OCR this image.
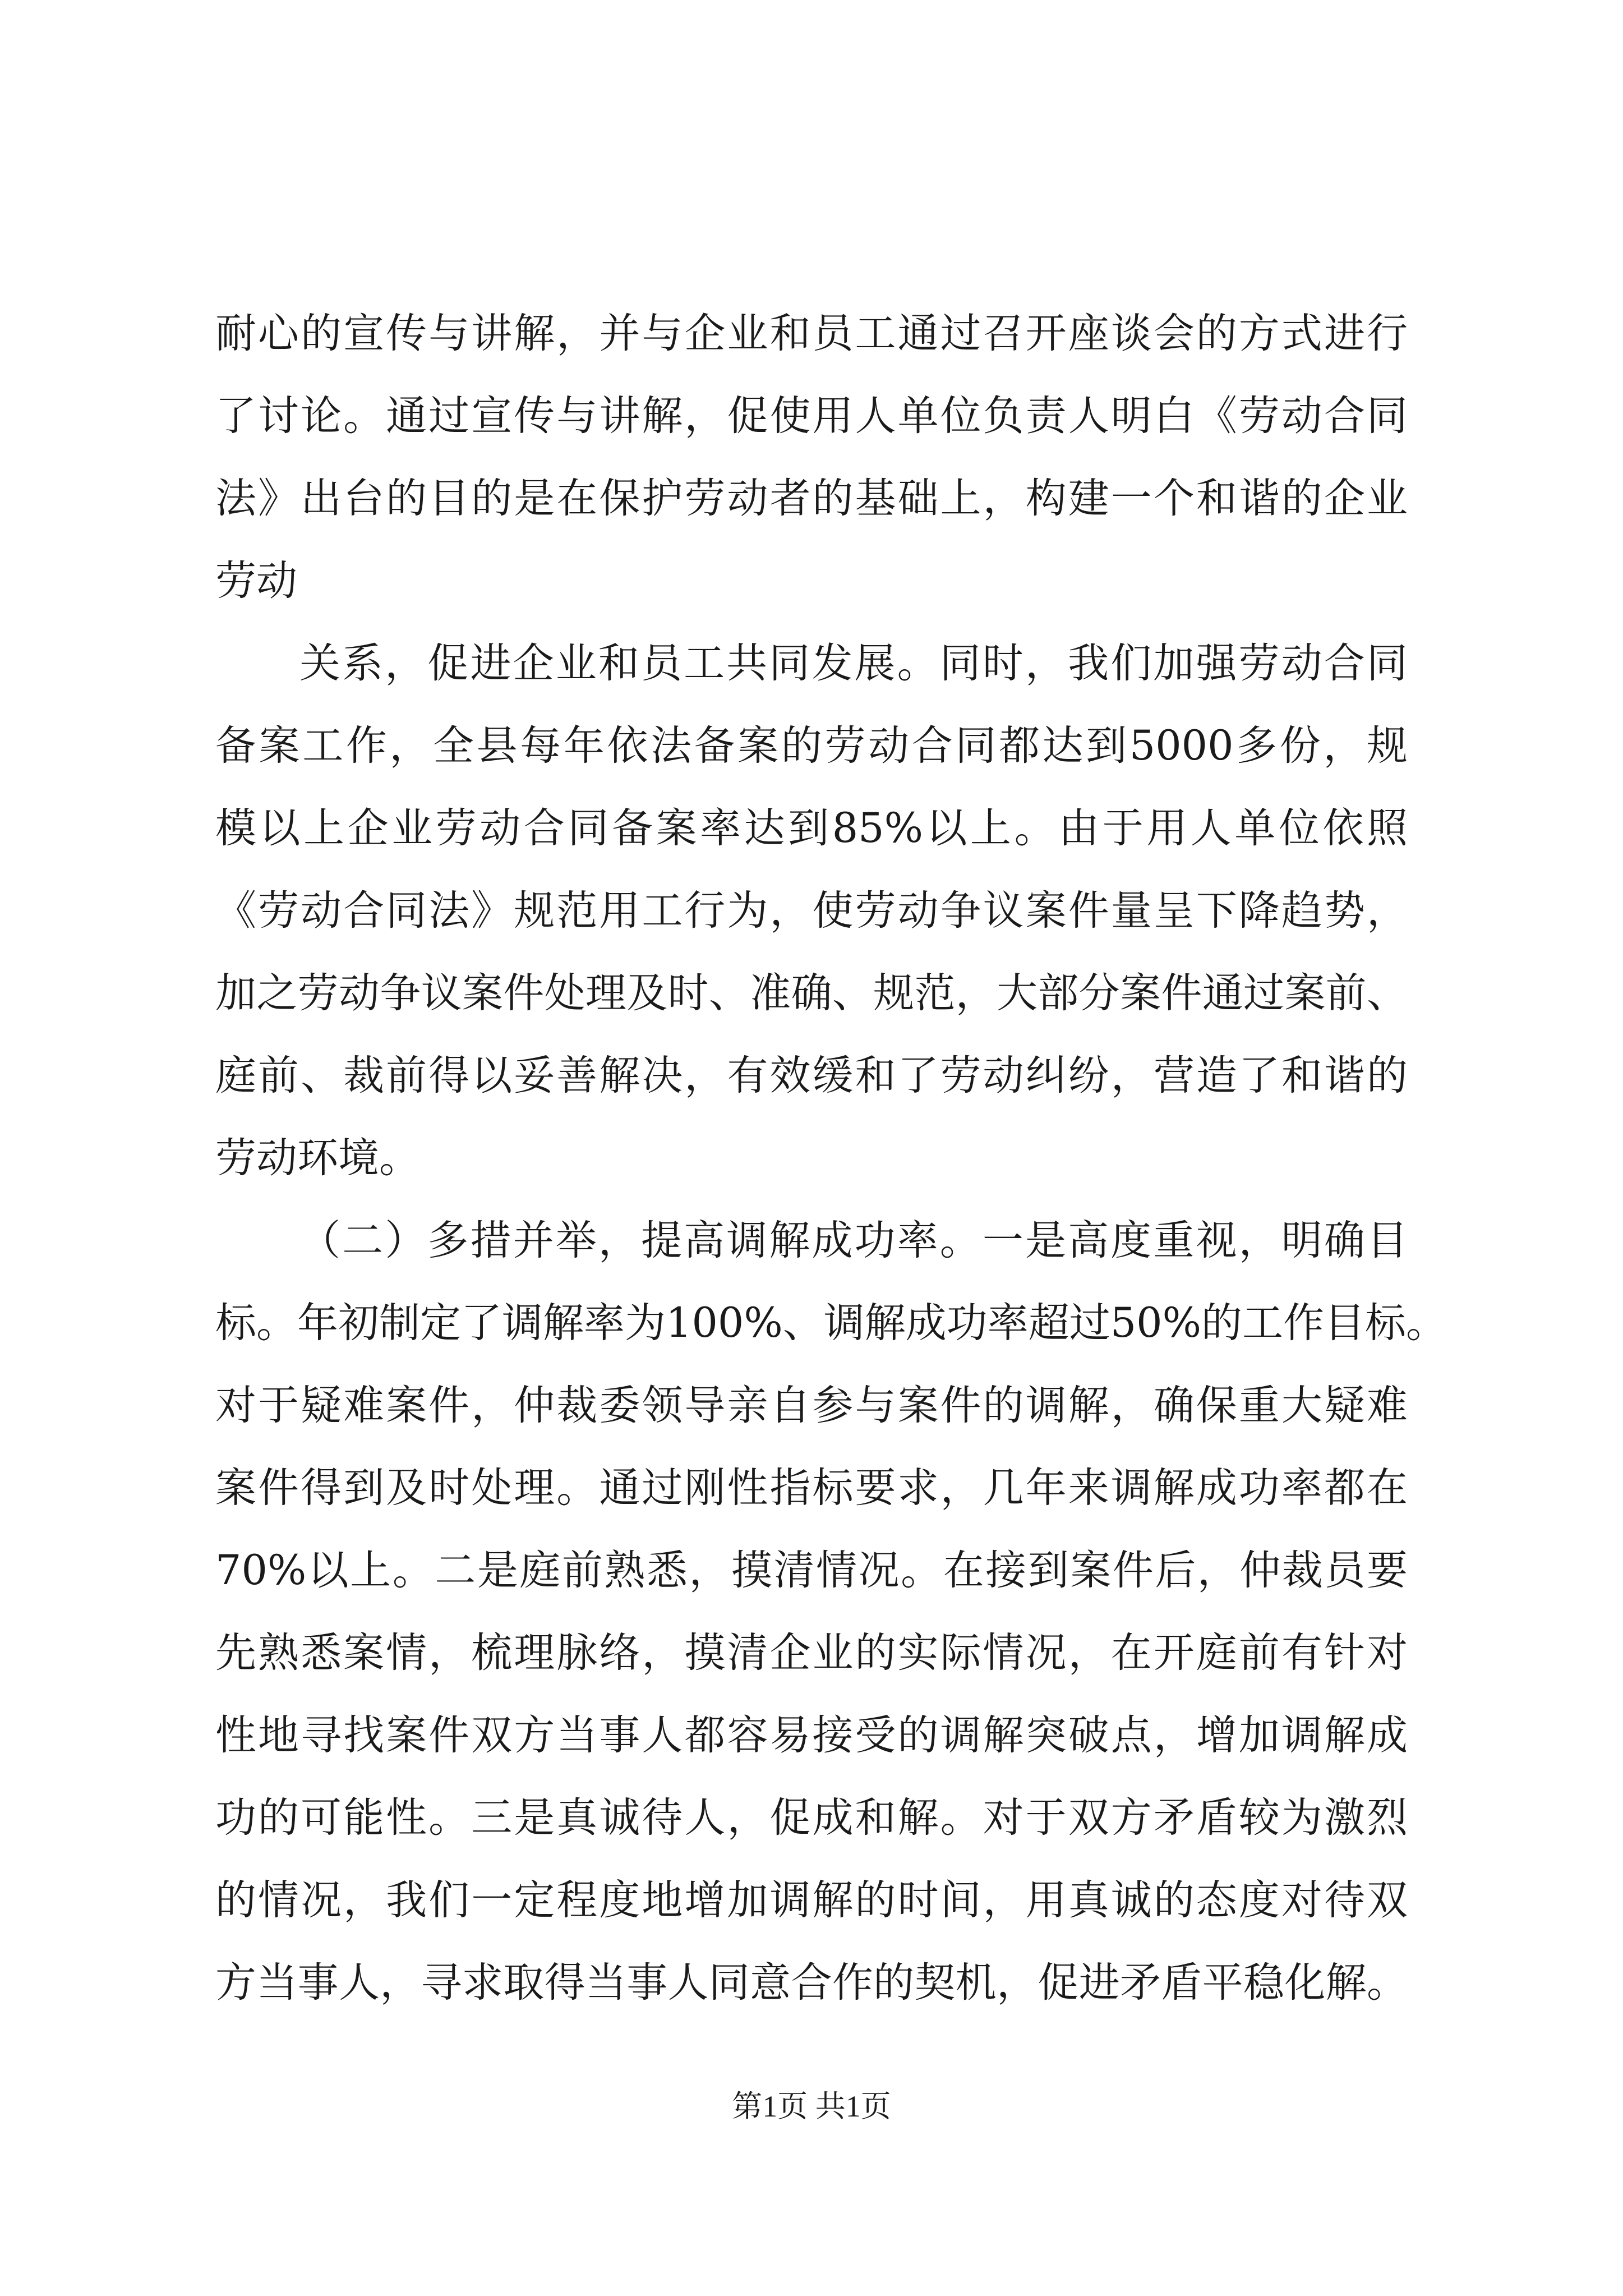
耐心的宣传与讲解，并与企业和员工通过召开座谈会的方式进行

了讨论。通过宣传与讲解，促使用人单位负责人明白《劳动合同

法》出台的目的是在保护劳动者的基础上，构建一个和谐的企业

劳动

关系，促进企业和员工共同发展。同时，我们加强劳动合同

备案工作，全县每年依法备案的劳动合同都达到5000多份，规

模以上企业劳动合同备案率达到85%以上。由于用人单位依照

《劳动合同法》规范用工行为，使劳动争议案件量呈下降趋势，

加之劳动争议案件处理及时、准确、规范，大部分案件通过案前、

庭前、裁前得以妥善解决，有效缓和了劳动纠纷，营造了和谐的

劳动环境。

（二）多措并举，提高调解成功率。一是高度重视，明确目

标。年初制定了调解率为100%、调解成功率超过50%的工作目标。

对于疑难案件，仲裁委领导亲自参与案件的调解，确保重大疑难

案件得到及时处理。通过刚性指标要求，几年来调解成功率都在

70%以上。二是庭前熟悉，摸清情况。在接到案件后，仲裁员要

先熟悉案情，梳理脉络，摸清企业的实际情况，在开庭前有针对

性地寻找案件双方当事人都容易接受的调解突破点，增加调解成

功的可能性。三是真诚待人，促成和解。对于双方矛盾较为激烈

的情况，我们一定程度地增加调解的时间，用真诚的态度对待双

方当事人，寻求取得当事人同意合作的契机，促进矛盾平稳化解。

第1页 共1页
